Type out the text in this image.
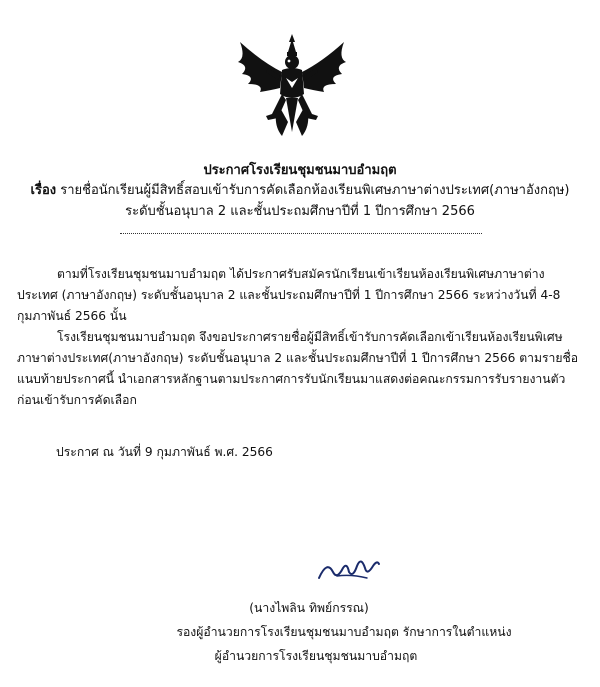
ประกาศโรงเรียนชุมชนมาบอำมฤต
เรื่อง รายชื่อนักเรียนผู้มีสิทธิ์สอบเข้ารับการคัดเลือกห้องเรียนพิเศษภาษาต่างประเทศ(ภาษาอังกฤษ)
ระดับชั้นอนุบาล 2 และชั้นประถมศึกษาปีที่ 1 ปีการศึกษา 2566
ตามที่โรงเรียนชุมชนมาบอำมฤต ได้ประกาศรับสมัครนักเรียนเข้าเรียนห้องเรียนพิเศษภาษาต่างประเทศ (ภาษาอังกฤษ) ระดับชั้นอนุบาล 2 และชั้นประถมศึกษาปีที่ 1 ปีการศึกษา 2566 ระหว่างวันที่ 4-8 กุมภาพันธ์ 2566 นั้น
โรงเรียนชุมชนมาบอำมฤต จึงขอประกาศรายชื่อผู้มีสิทธิ์เข้ารับการคัดเลือกเข้าเรียนห้องเรียนพิเศษภาษาต่างประเทศ(ภาษาอังกฤษ) ระดับชั้นอนุบาล 2 และชั้นประถมศึกษาปีที่ 1 ปีการศึกษา 2566 ตามรายชื่อแนบท้ายประกาศนี้ นำเอกสารหลักฐานตามประกาศการรับนักเรียนมาแสดงต่อคณะกรรมการรับรายงานตัวก่อนเข้ารับการคัดเลือก
ประกาศ ณ วันที่ 9 กุมภาพันธ์ พ.ศ. 2566
(นางไพลิน ทิพย์กรรณ)
รองผู้อำนวยการโรงเรียนชุมชนมาบอำมฤต รักษาการในตำแหน่ง
ผู้อำนวยการโรงเรียนชุมชนมาบอำมฤต
